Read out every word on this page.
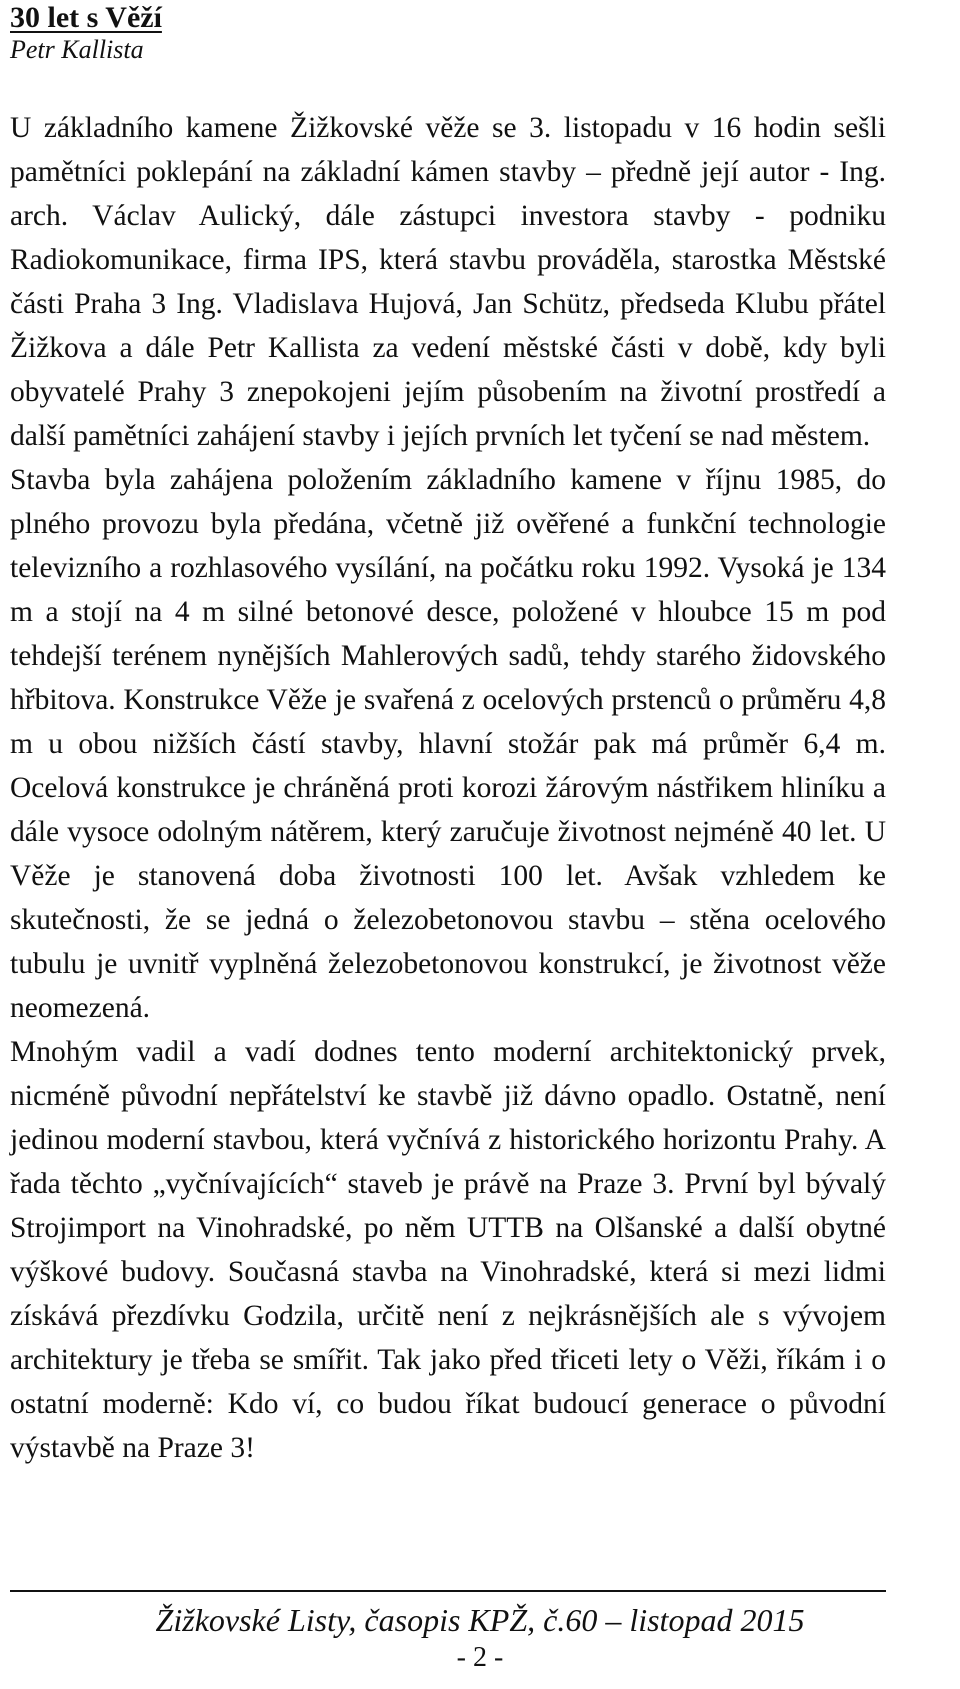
30 let s Věží
Petr Kallista

U základního kamene Žižkovské věže se 3. listopadu v 16 hodin sešli pamětníci poklepání na základní kámen stavby – předně její autor - Ing. arch. Václav Aulický, dále zástupci investora stavby - podniku Radiokomunikace, firma IPS, která stavbu prováděla, starostka Městské části Praha 3 Ing. Vladislava Hujová, Jan Schütz, předseda Klubu přátel Žižkova a dále Petr Kallista za vedení městské části v době, kdy byli obyvatelé Prahy 3 znepokojeni jejím působením na životní prostředí a další pamětníci zahájení stavby i jejích prvních let tyčení se nad městem.

Stavba byla zahájena položením základního kamene v říjnu 1985, do plného provozu byla předána, včetně již ověřené a funkční technologie televizního a rozhlasového vysílání, na počátku roku 1992. Vysoká je 134 m a stojí na 4 m silné betonové desce, položené v hloubce 15 m pod tehdejší terénem nynějších Mahlerových sadů, tehdy starého židovského hřbitova. Konstrukce Věže je svařená z ocelových prstenců o průměru 4,8 m u obou nižších částí stavby, hlavní stožár pak má průměr 6,4 m. Ocelová konstrukce je chráněná proti korozi žárovým nástřikem hliníku a dále vysoce odolným nátěrem, který zaručuje životnost nejméně 40 let. U Věže je stanovená doba životnosti 100 let. Avšak vzhledem ke skutečnosti, že se jedná o železobetonovou stavbu – stěna ocelového tubulu je uvnitř vyplněná železobetonovou konstrukcí, je životnost věže neomezená.

Mnohým vadil a vadí dodnes tento moderní architektonický prvek, nicméně původní nepřátelství ke stavbě již dávno opadlo. Ostatně, není jedinou moderní stavbou, která vyčnívá z historického horizontu Prahy. A řada těchto „vyčnívajících“ staveb je právě na Praze 3. První byl bývalý Strojimport na Vinohradské, po něm UTTB na Olšanské a další obytné výškové budovy. Současná stavba na Vinohradské, která si mezi lidmi získává přezdívku Godzila, určitě není z nejkrásnějších ale s vývojem architektury je třeba se smířit. Tak jako před třiceti lety o Věži, říkám i o ostatní moderně: Kdo ví, co budou říkat budoucí generace o původní výstavbě na Praze 3!

Žižkovské Listy, časopis KPŽ, č.60 – listopad 2015
- 2 -
